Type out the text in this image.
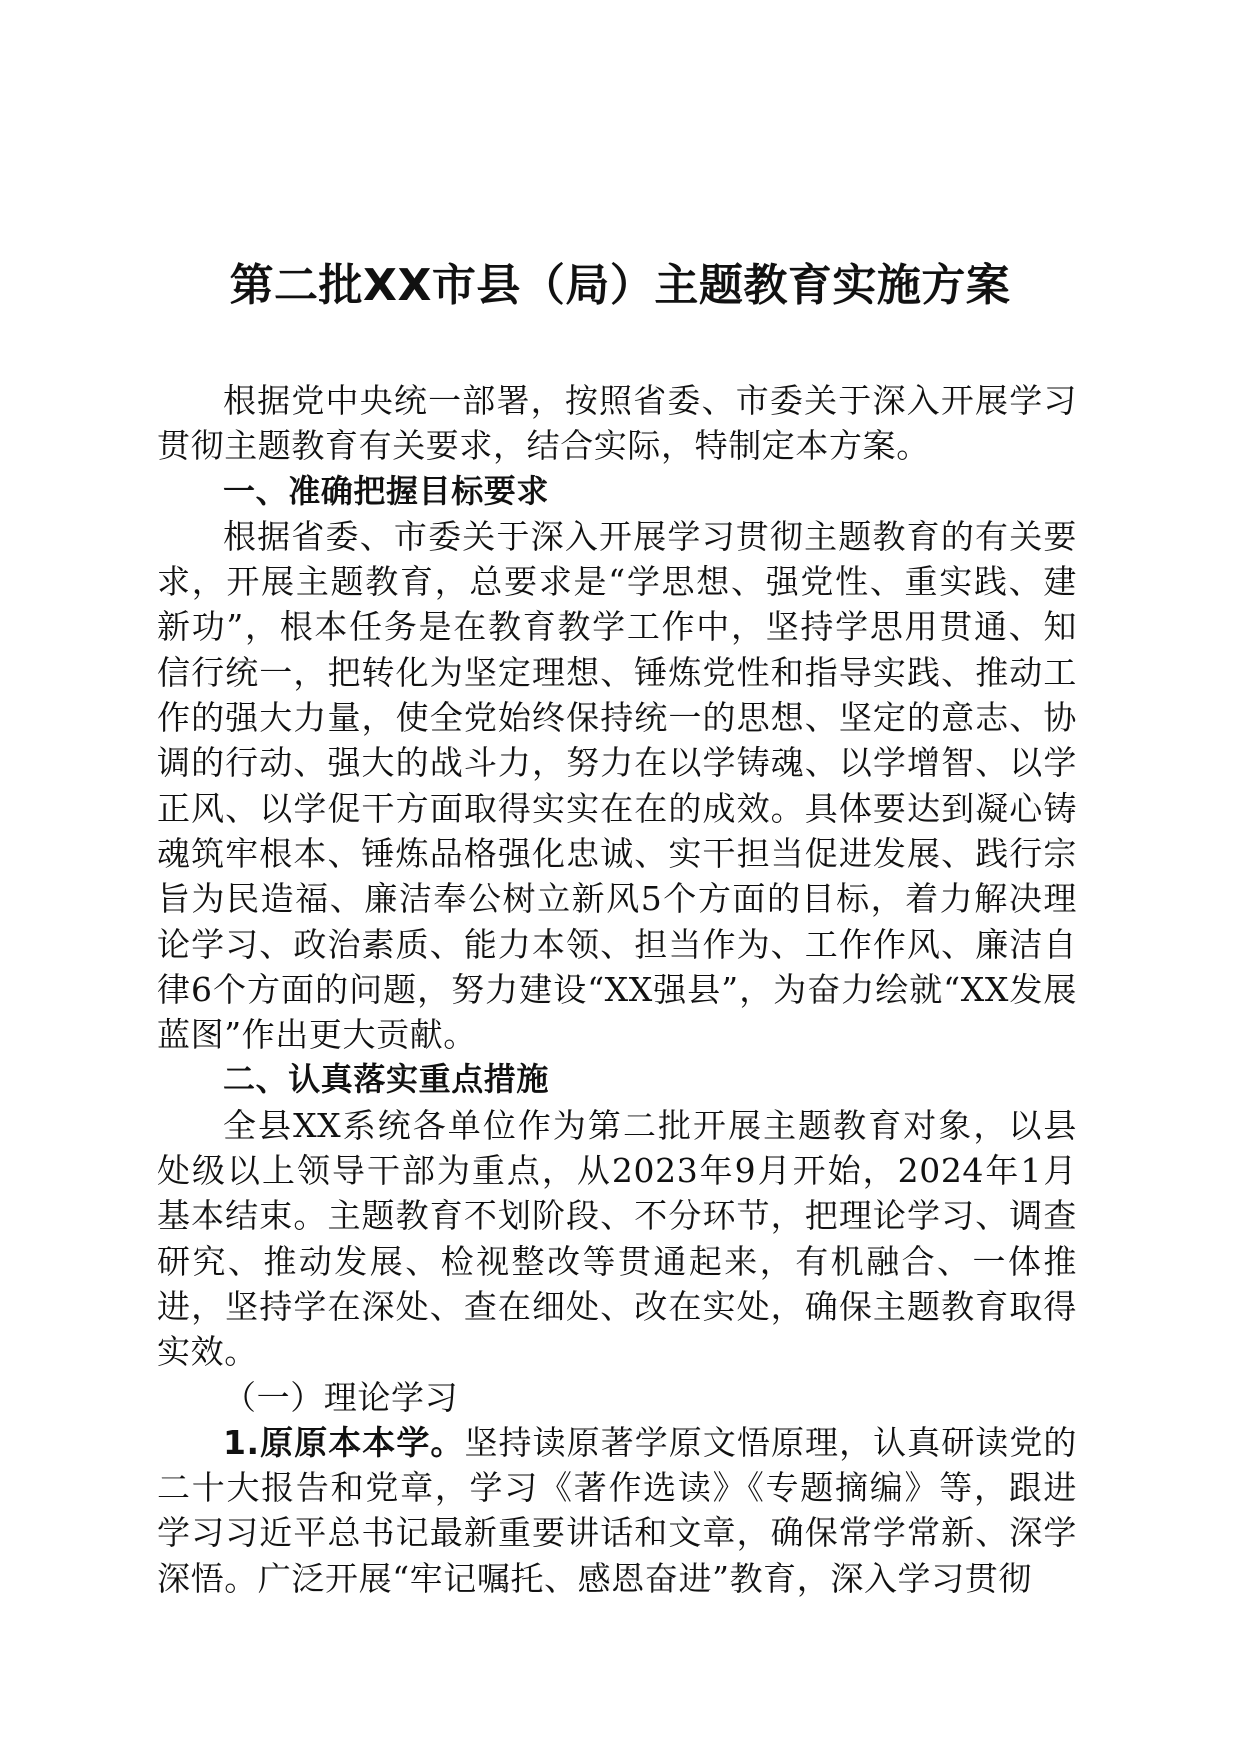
第二批XX市县（局）主题教育实施方案

根据党中央统一部署，按照省委、市委关于深入开展学习贯彻主题教育有关要求，结合实际，特制定本方案。

一、准确把握目标要求

根据省委、市委关于深入开展学习贯彻主题教育的有关要求，开展主题教育，总要求是“学思想、强党性、重实践、建新功”，根本任务是在教育教学工作中，坚持学思用贯通、知信行统一，把转化为坚定理想、锤炼党性和指导实践、推动工作的强大力量，使全党始终保持统一的思想、坚定的意志、协调的行动、强大的战斗力，努力在以学铸魂、以学增智、以学正风、以学促干方面取得实实在在的成效。具体要达到凝心铸魂筑牢根本、锤炼品格强化忠诚、实干担当促进发展、践行宗旨为民造福、廉洁奉公树立新风5个方面的目标，着力解决理论学习、政治素质、能力本领、担当作为、工作作风、廉洁自律6个方面的问题，努力建设“XX强县”，为奋力绘就“XX发展蓝图”作出更大贡献。

二、认真落实重点措施

全县XX系统各单位作为第二批开展主题教育对象，以县处级以上领导干部为重点，从2023年9月开始，2024年1月基本结束。主题教育不划阶段、不分环节，把理论学习、调查研究、推动发展、检视整改等贯通起来，有机融合、一体推进，坚持学在深处、查在细处、改在实处，确保主题教育取得实效。

（一）理论学习

1.原原本本学。坚持读原著学原文悟原理，认真研读党的二十大报告和党章，学习《著作选读》《专题摘编》等，跟进学习习近平总书记最新重要讲话和文章，确保常学常新、深学深悟。广泛开展“牢记嘱托、感恩奋进”教育，深入学习贯彻
